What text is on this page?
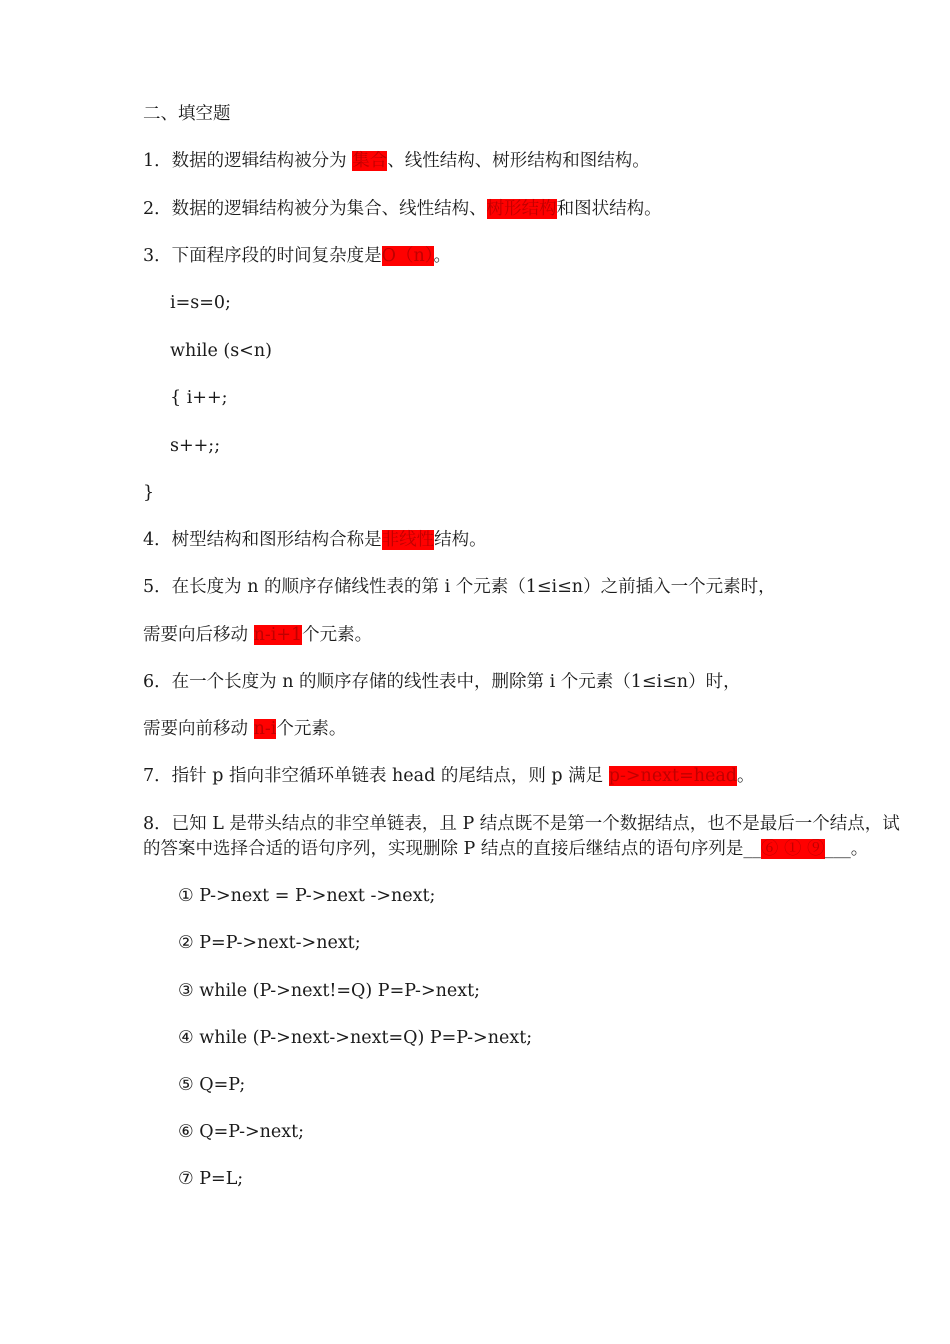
二、填空题
1．数据的逻辑结构被分为 集合、线性结构、树形结构和图结构。
2．数据的逻辑结构被分为集合、线性结构、树形结构和图状结构。
3．下面程序段的时间复杂度是O（n）。
i=s=0;
while (s<n)
{ i++;
s++;;
}
4．树型结构和图形结构合称是非线性结构。
5．在长度为 n 的顺序存储线性表的第 i 个元素（1≤i≤n）之前插入一个元素时，
需要向后移动 n-i+1个元素。
6．在一个长度为 n 的顺序存储的线性表中，删除第 i 个元素（1≤i≤n）时，
需要向前移动 n-i个元素。
7．指针 p 指向非空循环单链表 head 的尾结点，则 p 满足 p->next=head。
8．已知 L 是带头结点的非空单链表，且 P 结点既不是第一个数据结点，也不是最后一个结点，试
的答案中选择合适的语句序列，实现删除 P 结点的直接后继结点的语句序列是__⑥ ① ⑨___。
① P->next = P->next ->next;
② P=P->next->next;
③ while (P->next!=Q) P=P->next;
④ while (P->next->next=Q) P=P->next;
⑤ Q=P;
⑥ Q=P->next;
⑦ P=L;
